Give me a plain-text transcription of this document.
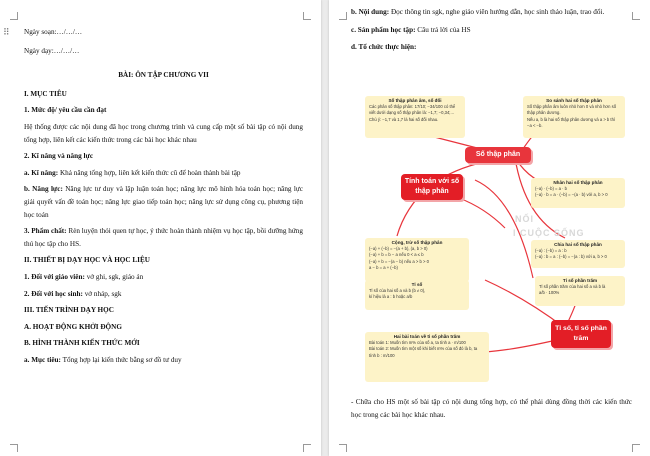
⠿ Ngày soạn:…/…/…

Ngày dạy:…/…/…

BÀI: ÔN TẬP CHƯƠNG VII

I. MỤC TIÊU

1. Mức độ/ yêu cầu cần đạt

Hệ thống được các nội dung đã học trong chương trình và cung cấp một số bài tập có nội dung tổng hợp, liên kết các kiến thức trong các bài học khác nhau

2. Kĩ năng và năng lực

a. Kĩ năng: Khả năng tổng hợp, liên kết kiến thức cũ để hoàn thành bài tập

b. Năng lực: Năng lực tư duy và lập luận toán học; năng lực mô hình hóa toán học; năng lực giải quyết vấn đề toán học; năng lực giao tiếp toán học; năng lực sử dụng công cụ, phương tiện học toán

3. Phẩm chất: Rèn luyện thói quen tự học, ý thức hoàn thành nhiệm vụ học tập, bồi dưỡng hứng thú học tập cho HS.

II. THIẾT BỊ DẠY HỌC VÀ HỌC LIỆU

1. Đối với giáo viên: vở ghi, sgk, giáo án

2. Đối với học sinh: vở nháp, sgk

III. TIẾN TRÌNH DẠY HỌC

A. HOẠT ĐỘNG KHỞI ĐỘNG

B. HÌNH THÀNH KIẾN THỨC MỚI

a. Mục tiêu: Tổng hợp lại kiến thức bằng sơ đồ tư duy

b. Nội dung: Đọc thông tin sgk, nghe giáo viên hướng dẫn, học sinh thảo luận, trao đổi.

c. Sản phẩm học tập: Câu trả lời của HS

d. Tổ chức thực hiện:

NỐI
I CUỘC SỐNG
Số thập phân âm, số đối
Các phân số thập phân: 17/10; −34/100 có thể
viết dưới dạng số thập phân là: −1,7; −0,34;...
Chú ý: −1,7 và 1,7 là hai số đối nhau.
So sánh hai số thập phân
Số thập phân âm luôn nhỏ hơn 0 và nhỏ hơn số thập phân dương.
Nếu a, b là hai số thập phân dương và a > b thì −a < −b.
Số thập phân
Tính toán với số thập phân
Nhân hai số thập phân
(−a) · (−b) = a · b
(−a) · b = a · (−b) = −(a · b) với a, b > 0
Cộng, trừ số thập phân
(−a) + (−b) = −(a + b), (a, b > 0)
(−a) + b = b − a nếu 0 < a ≤ b
(−a) + b = −(a − b) nếu a > b > 0
a − b = a + (−b)
Chia hai số thập phân
(−a) : (−b) = a : b
(−a) : b = a : (−b) = −(a : b) với a, b > 0
Tỉ số
Tỉ số của hai số a và b (b ≠ 0),
kí hiệu là a : b hoặc a/b
Tỉ số phần trăm
Tỉ số phần trăm của hai số a và b là
a/b · 100%
Tỉ số, tỉ số phần trăm
Hai bài toán về tỉ số phần trăm
Bài toán 1: Muốn tìm m% của số a, ta tính a · m/100
Bài toán 2: Muốn tìm một số khi biết m% của số đó là b, ta tính b : m/100

- Chữa cho HS một số bài tập có nội dung tổng hợp, có thể phải dùng đồng thời các kiến thức học trong các bài học khác nhau.
